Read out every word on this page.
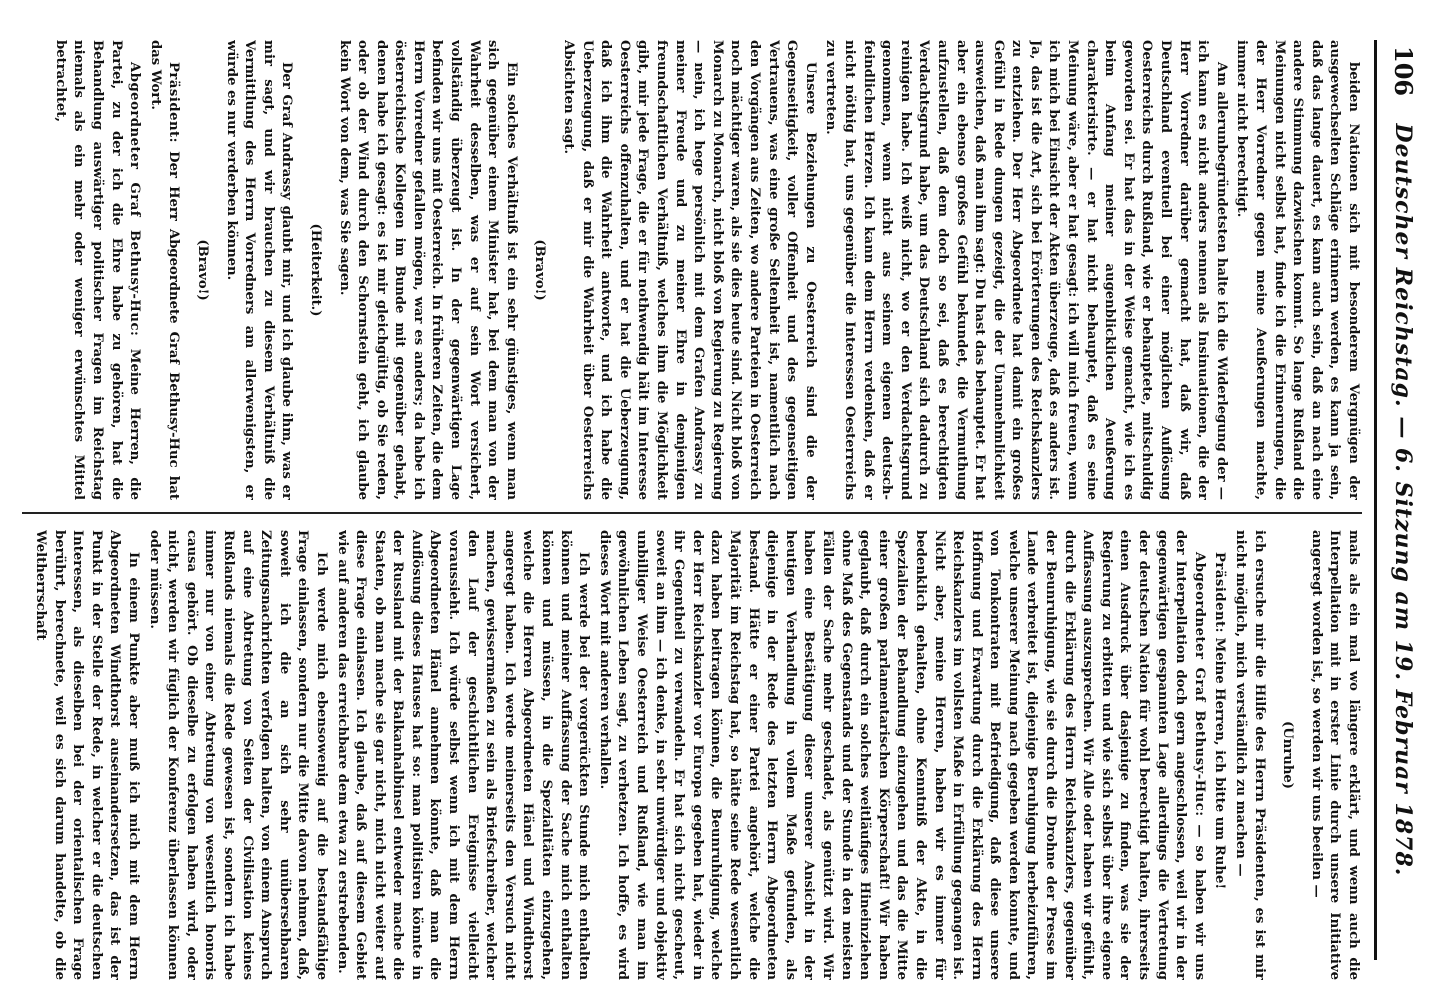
106
Deutscher Reichstag. — 6. Sitzung am 19. Februar 1878.

beiden Nationen sich mit besonderem Vergnügen der ausgewechselten Schläge erinnern werden, es kann ja sein, daß das lange dauert, es kann auch sein, daß an nach eine andere Stimmung dazwischen kommt. So lange Rußland die Meinungen nicht selbst hat, finde ich die Erinnerungen, die der Herr Vorredner gegen meine Aeußerungen machte, immer nicht berechtigt.

Am allerunbegründetsten halte ich die Widerlegung der — ich kann es nicht anders nennen als Insinuationen, die der Herr Vorredner darüber gemacht hat, daß wir, daß Deutschland eventuell bei einer möglichen Auflösung Oesterreichs durch Rußland, wie er behauptete, mitschuldig geworden sei. Er hat das in der Weise gemacht, wie ich es beim Anfang meiner augenblicklichen Aeußerung charakterisirte. — er hat nicht behauptet, daß es seine Meinung wäre, aber er hat gesagt: ich will mich freuen, wenn ich mich bei Einsicht der Akten überzeuge, daß es anders ist. Ja, das ist die Art, sich bei Erörterungen des Reichskanzlers zu entziehen. Der Herr Abgeordnete hat damit ein großes Gefühl in Rede dungen gezeigt, die der Unannehmlichkeit ausweichen, daß man ihm sagt: Du hast das behauptet. Er hat aber ein ebenso großes Gefühl bekundet, die Vermuthung aufzustellen, daß dem doch so sei, daß es berechtigten Verdachtsgrund habe, um das Deutschland sich dadurch zu reinigen habe. Ich weiß nicht, wo er den Verdachtsgrund genommen, wenn nicht aus seinem eigenen deutsch-feindlichen Herzen. Ich kann dem Herrn verdenken, daß er nicht nöthig hat, uns gegenüber die Interessen Oesterreichs zu vertreten.

Unsere Beziehungen zu Oesterreich sind die der Gegenseitigkeit, voller Offenheit und des gegenseitigen Vertrauens, was eine große Seltenheit ist, namentlich nach den Vorgängen aus Zeiten, wo andere Parteien in Oesterreich noch mächtiger waren, als sie dies heute sind. Nicht bloß von Monarch zu Monarch, nicht bloß von Regierung zu Regierung — nein, ich hege persönlich mit dem Grafen Andrassy zu meiner Freude und zu meiner Ehre in demjenigen freundschaftlichen Verhältniß, welches ihm die Möglichkeit gibt, mir jede Frage, die er für nothwendig hält im Interesse Oesterreichs offenzuhalten, und er hat die Ueberzeugung, daß ich ihm die Wahrheit antworte, und ich habe die Ueberzeugung, daß er mir die Wahrheit über Oesterreichs Absichten sagt.

(Bravo!)

Ein solches Verhältniß ist ein sehr günstiges, wenn man sich gegenüber einem Minister hat, bei dem man von der Wahrheit desselben, was er auf sein Wort versichert, vollständig überzeugt ist. In der gegenwärtigen Lage befinden wir uns mit Oesterreich. In früheren Zeiten, die dem Herrn Vorredner gefallen mögen, war es anders; da habe ich österreichische Kollegen im Bunde mit gegenüber gehabt, denen habe ich gesagt: es ist mir gleichgültig, ob Sie reden, oder ob der Wind durch den Schornstein geht, ich glaube kein Wort von dem, was Sie sagen.

(Heiterkeit.)

Der Graf Andrassy glaubt mir, und ich glaube ihm, was er mir sagt, und wir brauchen zu diesem Verhältniß die Vermittlung des Herrn Vorredners am allerwenigsten, er würde es nur verderben können.

(Bravo!)

Präsident: Der Herr Abgeordnete Graf Bethusy-Huc hat das Wort.

Abgeordneter Graf Bethusy-Huc: Meine Herren, die Partei, zu der ich die Ehre habe zu gehören, hat die Behandlung auswärtiger politischer Fragen im Reichstag niemals als ein mehr oder weniger erwünschtes Mittel betrachtet,

mals als ein mal wo längere erklärt, und wenn auch die Interpellation mit in erster Linie durch unsere Initiative angeregt worden ist, so werden wir uns beeilen —

(Unruhe)

ich ersuche mir die Hilfe des Herrn Präsidenten, es ist mir nicht möglich, mich verständlich zu machen —

Präsident: Meine Herren, ich bitte um Ruhe!

Abgeordneter Graf Bethusy-Huc: — so haben wir uns der Interpellation doch gern angeschlossen, weil wir in der gegenwärtigen gespannten Lage allerdings die Vertretung der deutschen Nation für wohl berechtigt halten, ihrerseits einen Ausdruck über dasjenige zu finden, was sie der Regierung zu erbitten und wie sich selbst über ihre eigene Auffassung auszusprechen. Wir Alle oder haben wir gefühlt, durch die Erklärung des Herrn Reichskanzlers, gegenüber der Beunruhigung, wie sie durch die Drohne der Presse im Lande verbreitet ist, diejenige Beruhigung herbeizuführen, welche unserer Meinung nach gegeben werden konnte, und von Tonkontraten mit Befriedigung, daß diese unsere Hoffnung und Erwartung durch die Erklärung des Herrn Reichskanzlers im vollsten Maße in Erfüllung gegangen ist. Nicht aber, meine Herren, haben wir es immer für bedenklich gehalten, ohne Kenntniß der Akte, in die Spezialien der Behandlung einzugehen und das die Mitte einer großen parlamentarischen Körperschaft! Wir haben geglaubt, daß durch ein solches weitläufiges Hineinziehen ohne Maß des Gegenstands und der Stunde in den meisten Fällen der Sache mehr geschadet, als genützt wird. Wir haben eine Bestätigung dieser unserer Ansicht in der heutigen Verhandlung in vollem Maße gefunden, als diejenige in der Rede des letzten Herrn Abgeordneten bestand. Hätte er einer Partei angehört, welche die Majorität im Reichstag hat, so hätte seine Rede wesentlich dazu haben beitragen können, die Beunruhigung, welche der Herr Reichskanzler vor Europa gegeben hat, wieder in ihr Gegentheil zu verwandeln. Er hat sich nicht gescheut, soweit an ihm — ich denke, in sehr unwürdiger und objektiv unbilliger Weise Oesterreich und Rußland, wie man im gewöhnlichen Leben sagt, zu verhetzen. Ich hoffe, es wird dieses Wort mit anderen verhallen.

Ich werde bei der vorgerückten Stunde mich enthalten können und meiner Auffassung der Sache mich enthalten können und müssen, in die Spezialitäten einzugehen, welche die Herren Abgeordneten Hänel und Windthorst angeregt haben. Ich werde meinerseits den Versuch nicht machen, gewissermaßen zu sein als Briefschreiber, welcher den Lauf der geschichtlichen Ereignisse vielleicht voraussieht. Ich würde selbst wenn ich mit dem Herrn Abgeordneten Hänel annehmen könnte, daß man die Auflösung dieses Hauses hat so: man politisiren könnte in der Russland mit der Balkanhalbinsel entweder mache die Staaten, ob man mache sie gar nicht, mich nicht weiter auf diese Frage einlassen. Ich glaube, daß auf diesem Gebiet wie auf anderen das erreichbare dem etwa zu erstrebenden.

Ich werde mich ebensowenig auf die bestandsfähige Frage einlassen, sondern nur die Mitte davon nehmen, daß, soweit ich die an sich sehr unübersehbaren Zeitungsnachrichten verfolgen halten, von einem Anspruch auf eine Abtretung von Seiten der Civilisation keines Rußlands niemals die Rede gewesen ist, sondern ich habe immer nur von einer Abtretung von wesentlich honoris causa gehört. Ob dieselbe zu erfolgen haben wird, oder nicht, werden wir füglich der Konferenz überlassen können oder müssen.

In einem Punkte aber muß ich mich mit dem Herrn Abgeordneten Windthorst auseinandersetzen, das ist der Punkt in der Stelle der Rede, in welcher er die deutschen Interessen, als dieselben bei der orientalischen Frage berührt, berechnete, weil es sich darum handelte, ob die Weltherrschaft
